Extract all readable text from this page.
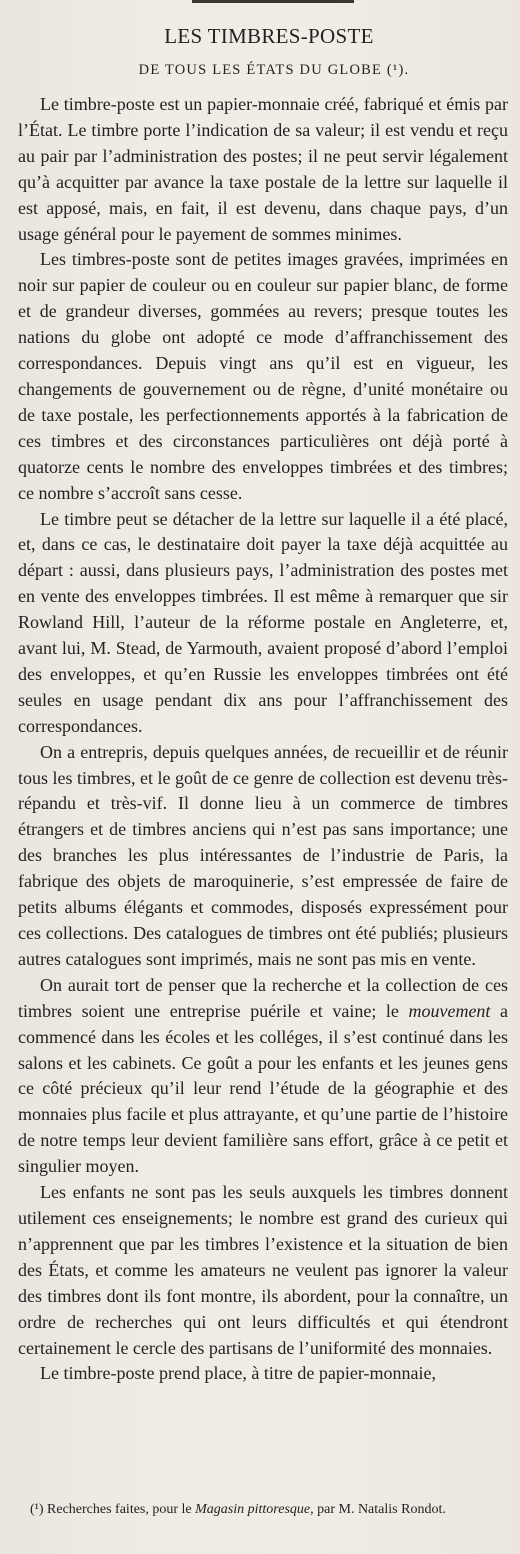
LES TIMBRES-POSTE
DE TOUS LES ÉTATS DU GLOBE (¹).

Le timbre-poste est un papier-monnaie créé, fabriqué et émis par l’État. Le timbre porte l’indication de sa valeur; il est vendu et reçu au pair par l’administration des postes; il ne peut servir légalement qu’à acquitter par avance la taxe postale de la lettre sur laquelle il est apposé, mais, en fait, il est devenu, dans chaque pays, d’un usage général pour le payement de sommes minimes.

Les timbres-poste sont de petites images gravées, imprimées en noir sur papier de couleur ou en couleur sur papier blanc, de forme et de grandeur diverses, gommées au revers; presque toutes les nations du globe ont adopté ce mode d’affranchissement des correspondances. Depuis vingt ans qu’il est en vigueur, les changements de gouvernement ou de règne, d’unité monétaire ou de taxe postale, les perfectionnements apportés à la fabrication de ces timbres et des circonstances particulières ont déjà porté à quatorze cents le nombre des enveloppes timbrées et des timbres; ce nombre s’accroît sans cesse.

Le timbre peut se détacher de la lettre sur laquelle il a été placé, et, dans ce cas, le destinataire doit payer la taxe déjà acquittée au départ : aussi, dans plusieurs pays, l’administration des postes met en vente des enveloppes timbrées. Il est même à remarquer que sir Rowland Hill, l’auteur de la réforme postale en Angleterre, et, avant lui, M. Stead, de Yarmouth, avaient proposé d’abord l’emploi des enveloppes, et qu’en Russie les enveloppes timbrées ont été seules en usage pendant dix ans pour l’affranchissement des correspondances.

On a entrepris, depuis quelques années, de recueillir et de réunir tous les timbres, et le goût de ce genre de collection est devenu très-répandu et très-vif. Il donne lieu à un commerce de timbres étrangers et de timbres anciens qui n’est pas sans importance; une des branches les plus intéressantes de l’industrie de Paris, la fabrique des objets de maroquinerie, s’est empressée de faire de petits albums élégants et commodes, disposés expressément pour ces collections. Des catalogues de timbres ont été publiés; plusieurs autres catalogues sont imprimés, mais ne sont pas mis en vente.

On aurait tort de penser que la recherche et la collection de ces timbres soient une entreprise puérile et vaine; le mouvement a commencé dans les écoles et les colléges, il s’est continué dans les salons et les cabinets. Ce goût a pour les enfants et les jeunes gens ce côté précieux qu’il leur rend l’étude de la géographie et des monnaies plus facile et plus attrayante, et qu’une partie de l’histoire de notre temps leur devient familière sans effort, grâce à ce petit et singulier moyen.

Les enfants ne sont pas les seuls auxquels les timbres donnent utilement ces enseignements; le nombre est grand des curieux qui n’apprennent que par les timbres l’existence et la situation de bien des États, et comme les amateurs ne veulent pas ignorer la valeur des timbres dont ils font montre, ils abordent, pour la connaître, un ordre de recherches qui ont leurs difficultés et qui étendront certainement le cercle des partisans de l’uniformité des monnaies.

Le timbre-poste prend place, à titre de papier-monnaie,

(¹) Recherches faites, pour le Magasin pittoresque, par M. Natalis Rondot.
